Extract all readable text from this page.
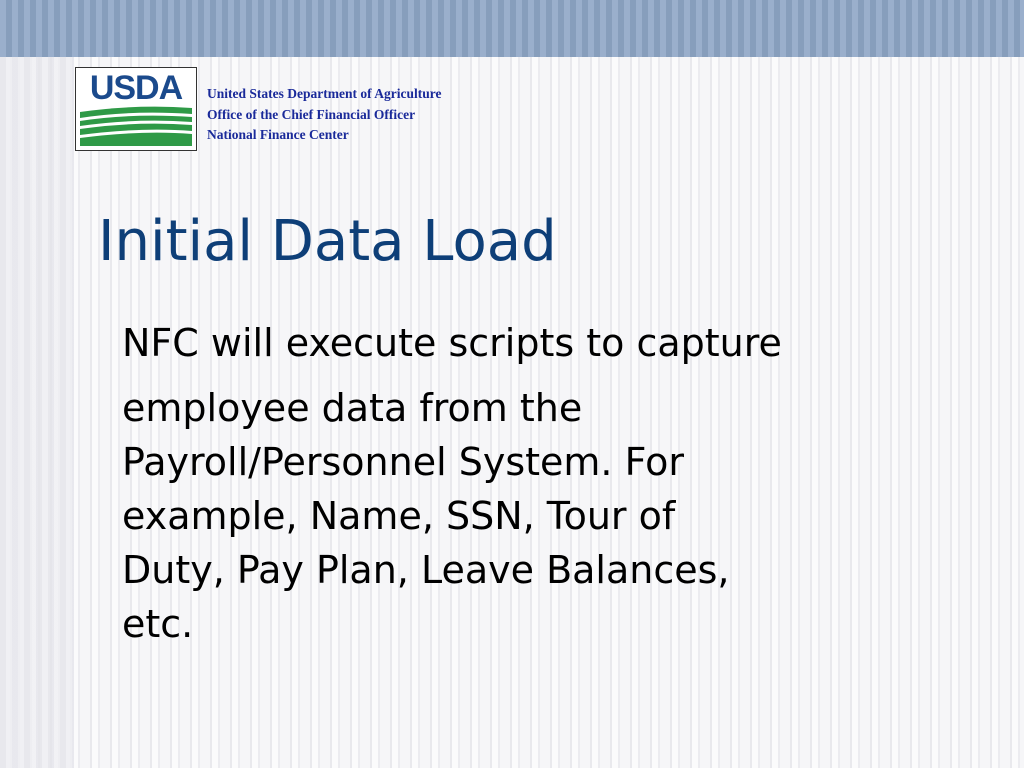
USDA United States Department of Agriculture
Office of the Chief Financial Officer
National Finance Center
Initial Data Load
NFC will execute scripts to capture
employee data from the
Payroll/Personnel System. For
example, Name, SSN, Tour of
Duty, Pay Plan, Leave Balances,
etc.
